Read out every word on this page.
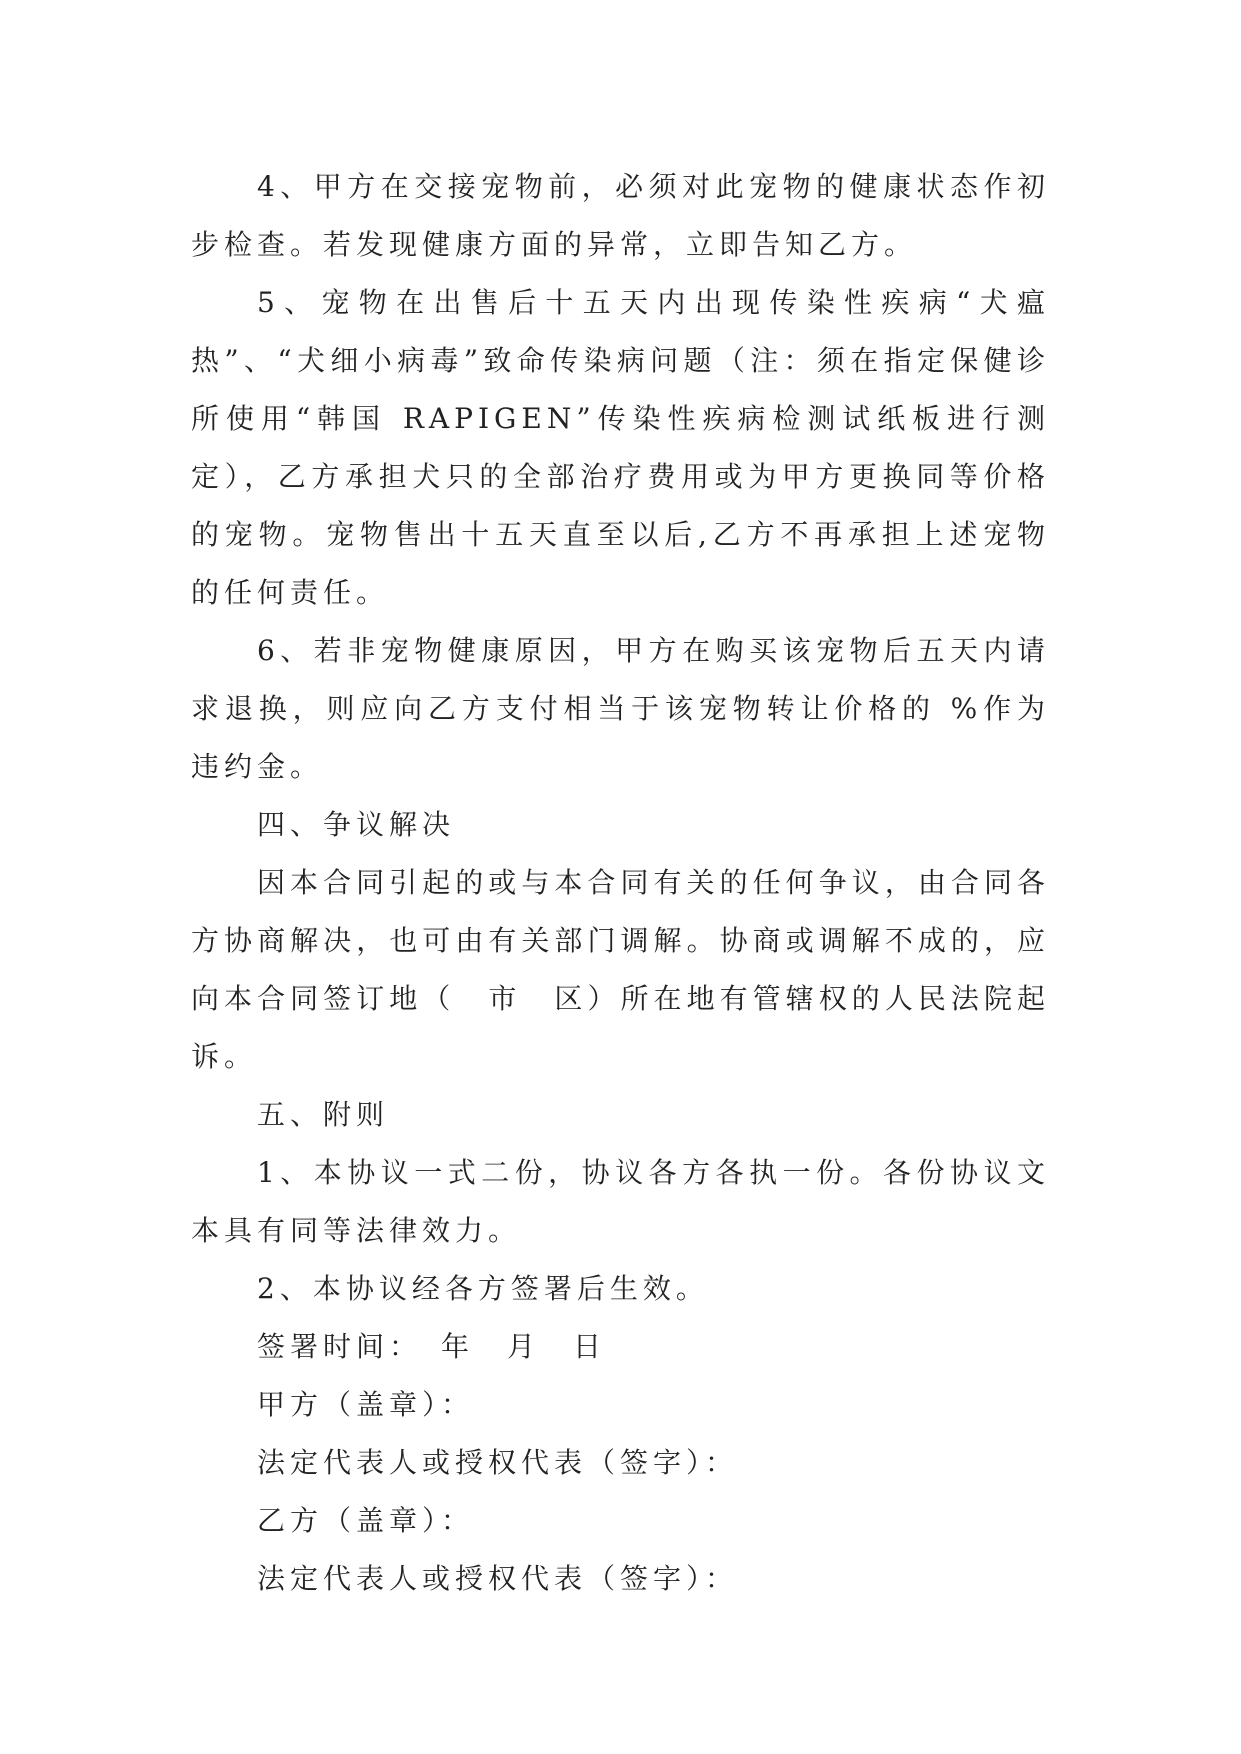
4、甲方在交接宠物前，必须对此宠物的健康状态作初步检查。若发现健康方面的异常，立即告知乙方。

5、宠物在出售后十五天内出现传染性疾病“犬瘟热”、“犬细小病毒”致命传染病问题（注：须在指定保健诊所使用“韩国 RAPIGEN”传染性疾病检测试纸板进行测定），乙方承担犬只的全部治疗费用或为甲方更换同等价格的宠物。宠物售出十五天直至以后,乙方不再承担上述宠物的任何责任。

6、若非宠物健康原因，甲方在购买该宠物后五天内请求退换，则应向乙方支付相当于该宠物转让价格的 %作为违约金。

四、争议解决

因本合同引起的或与本合同有关的任何争议，由合同各方协商解决，也可由有关部门调解。协商或调解不成的，应向本合同签订地（　市　区）所在地有管辖权的人民法院起诉。

五、附则

1、本协议一式二份，协议各方各执一份。各份协议文本具有同等法律效力。

2、本协议经各方签署后生效。

签署时间：　年　月　日

甲方（盖章）：

法定代表人或授权代表（签字）：

乙方（盖章）：

法定代表人或授权代表（签字）：
